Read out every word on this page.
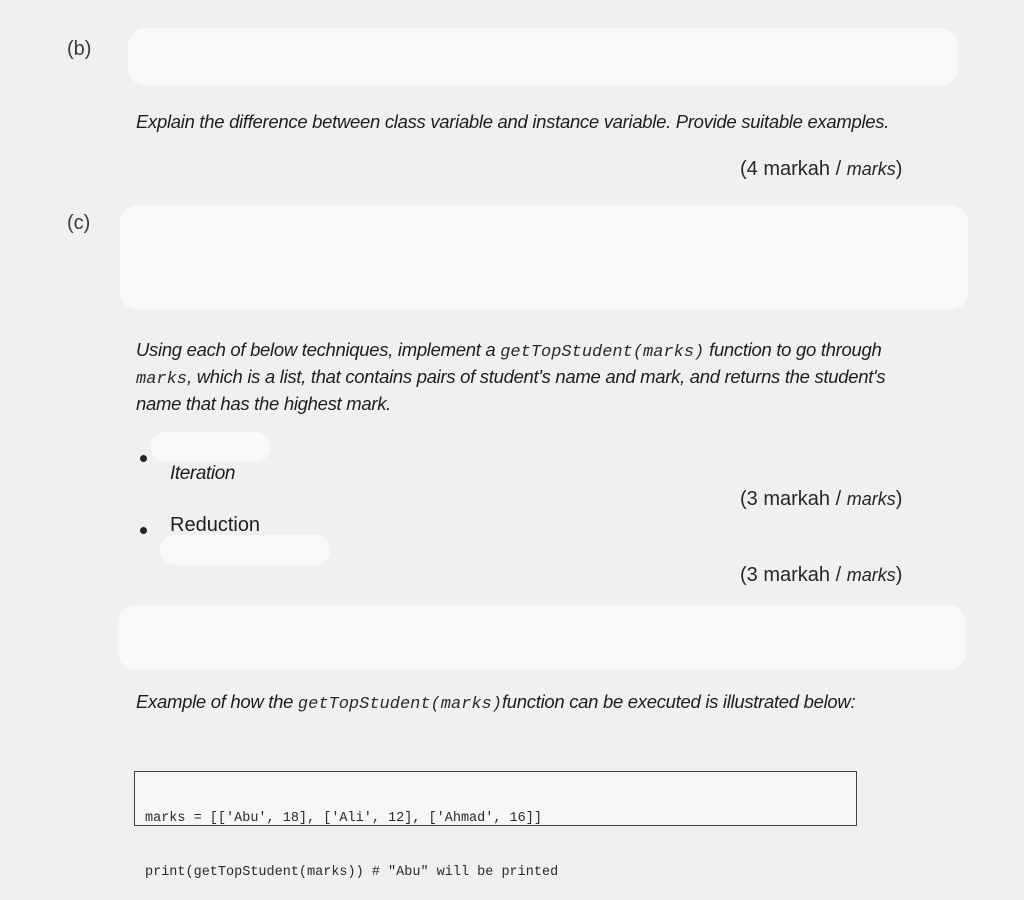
(b)
Explain the difference between class variable and instance variable. Provide suitable examples.
(4 markah / marks)
(c)
Using each of below techniques, implement a getTopStudent(marks) function to go through marks, which is a list, that contains pairs of student's name and mark, and returns the student's name that has the highest mark.
Iteration
(3 markah / marks)
Reduction
(3 markah / marks)
Example of how the getTopStudent(marks)function can be executed is illustrated below:

marks = [['Abu', 18], ['Ali', 12], ['Ahmad', 16]]

print(getTopStudent(marks)) # "Abu" will be printed
